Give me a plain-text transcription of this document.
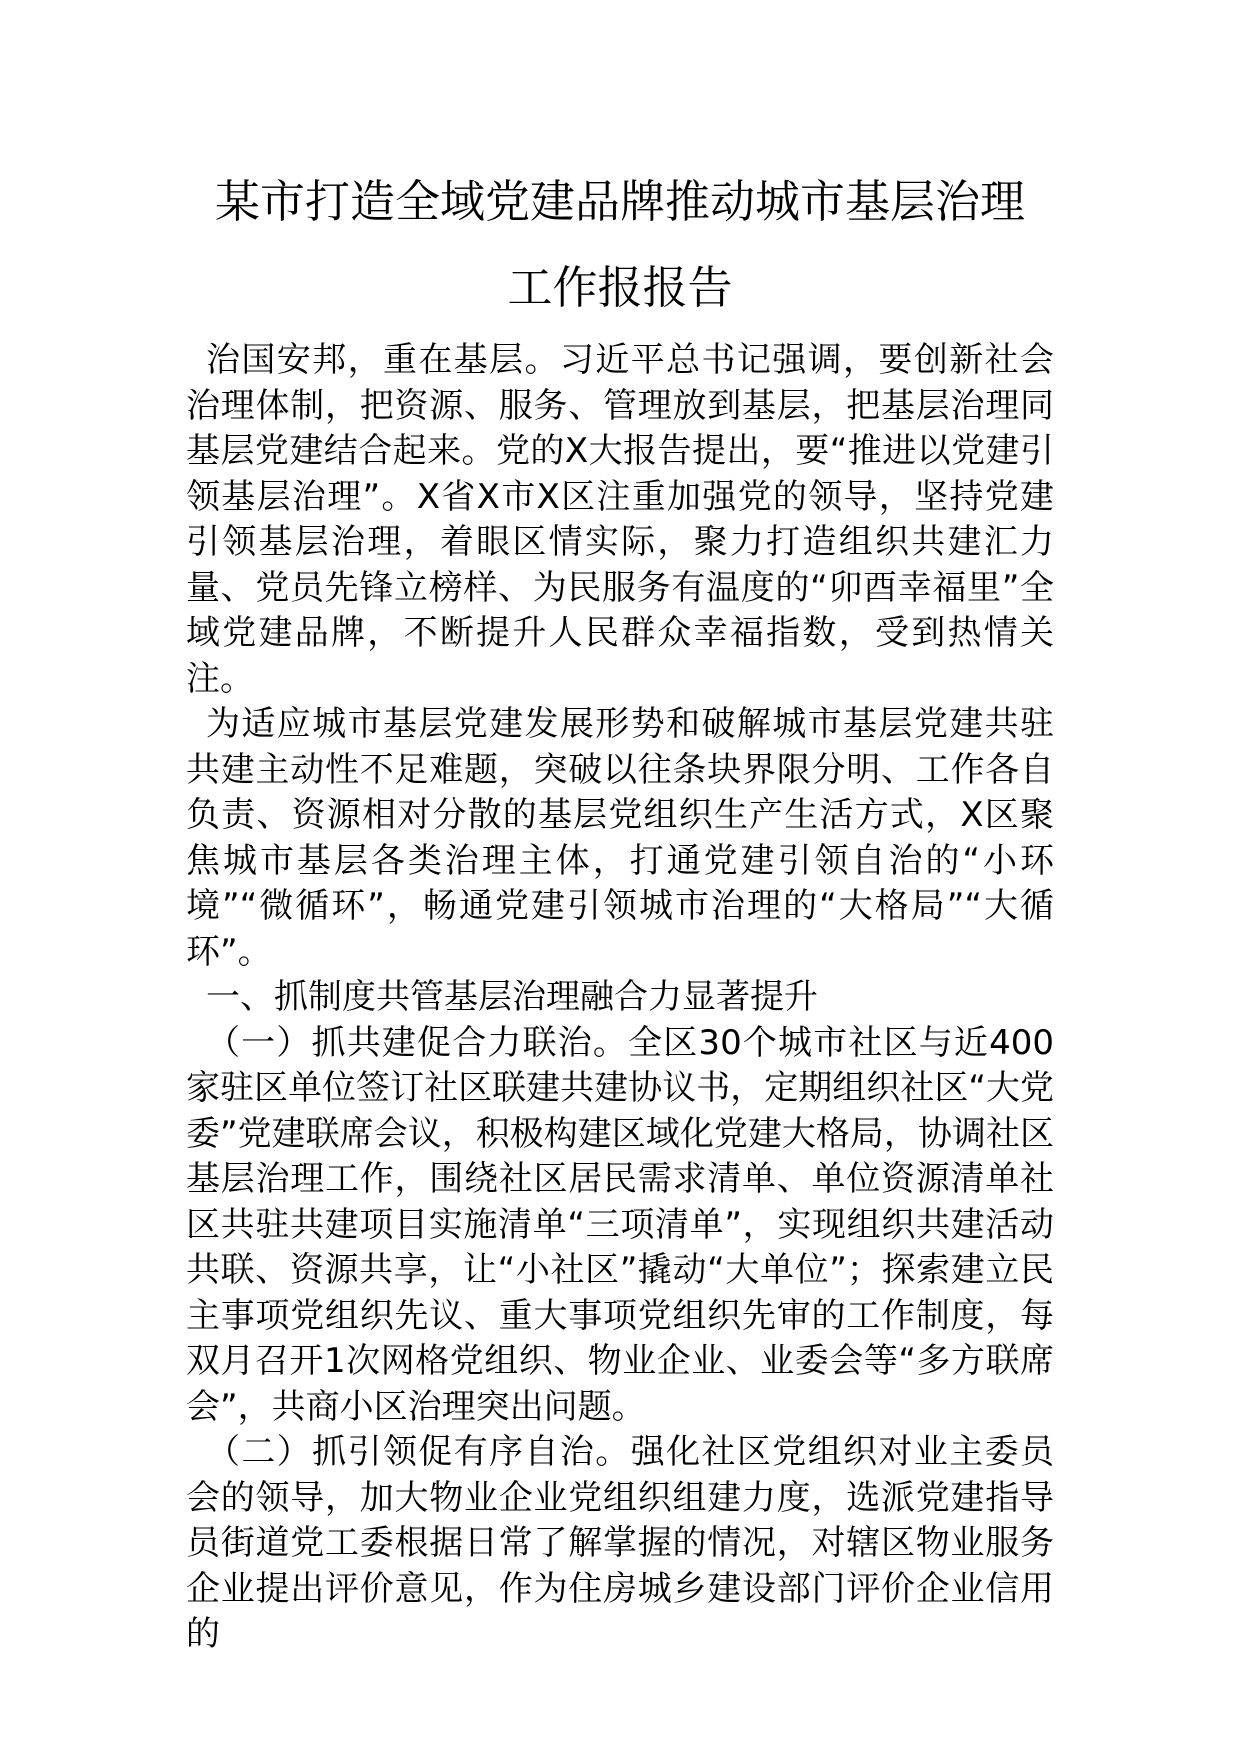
某市打造全域党建品牌推动城市基层治理
工作报报告

治国安邦，重在基层。习近平总书记强调，要创新社会治理体制，把资源、服务、管理放到基层，把基层治理同基层党建结合起来。党的X大报告提出，要“推进以党建引领基层治理”。X省X市X区注重加强党的领导，坚持党建引领基层治理，着眼区情实际，聚力打造组织共建汇力量、党员先锋立榜样、为民服务有温度的“卯酉幸福里”全域党建品牌，不断提升人民群众幸福指数，受到热情关注。

为适应城市基层党建发展形势和破解城市基层党建共驻共建主动性不足难题，突破以往条块界限分明、工作各自负责、资源相对分散的基层党组织生产生活方式，X区聚焦城市基层各类治理主体，打通党建引领自治的“小环境”“微循环”，畅通党建引领城市治理的“大格局”“大循环”。

一、抓制度共管基层治理融合力显著提升

（一）抓共建促合力联治。全区30个城市社区与近400家驻区单位签订社区联建共建协议书，定期组织社区“大党委”党建联席会议，积极构建区域化党建大格局，协调社区基层治理工作，围绕社区居民需求清单、单位资源清单社区共驻共建项目实施清单“三项清单”，实现组织共建活动共联、资源共享，让“小社区”撬动“大单位”；探索建立民主事项党组织先议、重大事项党组织先审的工作制度，每双月召开1次网格党组织、物业企业、业委会等“多方联席会”，共商小区治理突出问题。

（二）抓引领促有序自治。强化社区党组织对业主委员会的领导，加大物业企业党组织组建力度，选派党建指导员街道党工委根据日常了解掌握的情况，对辖区物业服务企业提出评价意见，作为住房城乡建设部门评价企业信用的
